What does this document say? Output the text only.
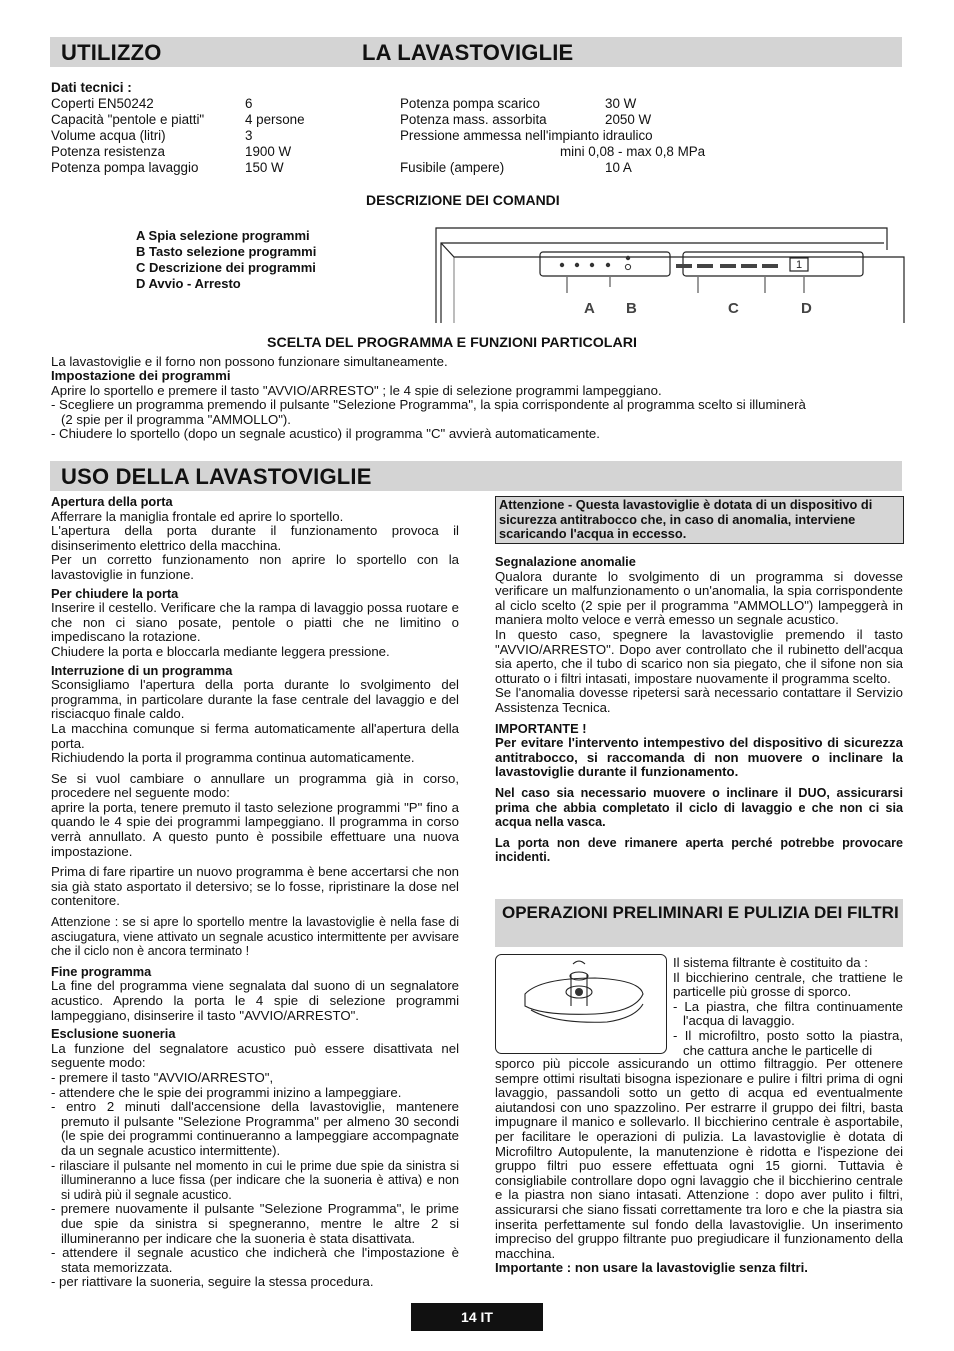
UTILIZZO	LA LAVASTOVIGLIE
Dati tecnici :
Coperti EN50242	6
Capacità "pentole e piatti"	4 persone
Volume acqua (litri)	3
Potenza resistenza	1900 W
Potenza pompa lavaggio	150 W
Potenza pompa scarico	30 W
Potenza mass. assorbita	2050 W
Pressione ammessa nell'impianto idraulico
mini 0,08 - max 0,8 MPa
Fusibile (ampere)	10 A
DESCRIZIONE DEI COMANDI
A Spia selezione programmi
B Tasto selezione programmi
C Descrizione dei programmi
D Avvio - Arresto
1
A B	C	D
SCELTA DEL PROGRAMMA E FUNZIONI PARTICOLARI
La lavastoviglie e il forno non possono funzionare simultaneamente.
Impostazione dei programmi
Aprire lo sportello e premere il tasto "AVVIO/ARRESTO" ; le 4 spie di selezione programmi lampeggiano.
- Scegliere un programma premendo il pulsante "Selezione Programma", la spia corrispondente al programma scelto si illuminerà
(2 spie per il programma "AMMOLLO").
- Chiudere lo sportello (dopo un segnale acustico) il programma "C" avvierà automaticamente.
USO DELLA LAVASTOVIGLIE

Apertura della porta

Afferrare la maniglia frontale ed aprire lo sportello.

L'apertura della porta durante il funzionamento provoca il disinserimento elettrico della macchina.

Per un corretto funzionamento non aprire lo sportello con la lavastoviglie in funzione.

Per chiudere la porta

Inserire il cestello. Verificare che la rampa di lavaggio possa ruotare e che non ci siano posate, pentole o piatti che ne limitino o impediscano la rotazione.

Chiudere la porta e bloccarla mediante leggera pressione.

Interruzione di un programma

Sconsigliamo l'apertura della porta durante lo svolgimento del programma, in particolare durante la fase centrale del lavaggio e del risciacquo finale caldo.

La macchina comunque si ferma automaticamente all'apertura della porta.

Richiudendo la porta il programma continua automaticamente.

Se si vuol cambiare o annullare un programma già in corso, procedere nel seguente modo:

aprire la porta, tenere premuto il tasto selezione programmi "P" fino a quando le 4 spie dei programmi lampeggiano. Il programma in corso verrà annullato. A questo punto è possibile effettuare una nuova impostazione.

Prima di fare ripartire un nuovo programma è bene accertarsi che non sia già stato asportato il detersivo; se lo fosse, ripristinare la dose nel contenitore.

Attenzione : se si apre lo sportello mentre la lavastoviglie è nella fase di asciugatura, viene attivato un segnale acustico intermittente per avvisare che il ciclo non è ancora terminato !

Fine programma

La fine del programma viene segnalata dal suono di un segnalatore acustico. Aprendo la porta le 4 spie di selezione programmi lampeggiano, disinserire il tasto "AVVIO/ARRESTO".

Esclusione suoneria

La funzione del segnalatore acustico può essere disattivata nel seguente modo:

- premere il tasto "AVVIO/ARRESTO",

- attendere che le spie dei programmi inizino a lampeggiare.

- entro 2 minuti dall'accensione della lavastoviglie, mantenere premuto il pulsante "Selezione Programma" per almeno 30 secondi (le spie dei programmi continueranno a lampeggiare accompagnate da un segnale acustico intermittente).

- rilasciare il pulsante nel momento in cui le prime due spie da sinistra si illumineranno a luce fissa (per indicare che la suoneria è attiva) e non si udirà più il segnale acustico.

- premere nuovamente il pulsante "Selezione Programma", le prime due spie da sinistra si spegneranno, mentre le altre 2 si illumineranno per indicare che la suoneria è stata disattivata.

- attendere il segnale acustico che indicherà che l'impostazione è stata memorizzata.

- per riattivare la suoneria, seguire la stessa procedura.

Attenzione - Questa lavastoviglie è dotata di un dispositivo di sicurezza antitrabocco che, in caso di anomalia, interviene scaricando l'acqua in eccesso.

Segnalazione anomalie

Qualora durante lo svolgimento di un programma si dovesse verificare un malfunzionamento o un'anomalia, la spia corrispondente al ciclo scelto (2 spie per il programma "AMMOLLO") lampeggerà in maniera molto veloce e verrà emesso un segnale acustico.

In questo caso, spegnere la lavastoviglie premendo il tasto "AVVIO/ARRESTO". Dopo aver controllato che il rubinetto dell'acqua sia aperto, che il tubo di scarico non sia piegato, che il sifone non sia otturato o i filtri intasati, impostare nuovamente il programma scelto.

Se l'anomalia dovesse ripetersi sarà necessario contattare il Servizio Assistenza Tecnica.

IMPORTANTE !

Per evitare l'intervento intempestivo del dispositivo di sicurezza antitrabocco, si raccomanda di non muovere o inclinare la lavastoviglie durante il funzionamento.

Nel caso sia necessario muovere o inclinare il DUO, assicurarsi prima che abbia completato il ciclo di lavaggio e che non ci sia acqua nella vasca.

La porta non deve rimanere aperta perché potrebbe provocare incidenti.

OPERAZIONI PRELIMINARI E PULIZIA DEI FILTRI

Il sistema filtrante è costituito da :

Il bicchierino centrale, che trattiene le particelle più grosse di sporco.

- La piastra, che filtra continuamente l'acqua di lavaggio.

- Il microfiltro, posto sotto la piastra, che cattura anche le particelle di

sporco più piccole assicurando un ottimo filtraggio. Per ottenere sempre ottimi risultati bisogna ispezionare e pulire i filtri prima di ogni lavaggio, passandoli sotto un getto di acqua ed eventualmente aiutandosi con uno spazzolino. Per estrarre il gruppo dei filtri, basta impugnare il manico e sollevarlo. Il bicchierino centrale è asportabile, per facilitare le operazioni di pulizia. La lavastoviglie è dotata di Microfiltro Autopulente, la manutenzione è ridotta e l'ispezione dei gruppo filtri puo essere effettuata ogni 15 giorni. Tuttavia è consigliabile controllare dopo ogni lavaggio che il bicchierino centrale e la piastra non siano intasati. Attenzione : dopo aver pulito i filtri, assicurarsi che siano fissati correttamente tra loro e che la piastra sia inserita perfettamente sul fondo della lavastoviglie. Un inserimento impreciso del gruppo filtrante puo pregiudicare il funzionamento della macchina.

Importante : non usare la lavastoviglie senza filtri.

14 IT
